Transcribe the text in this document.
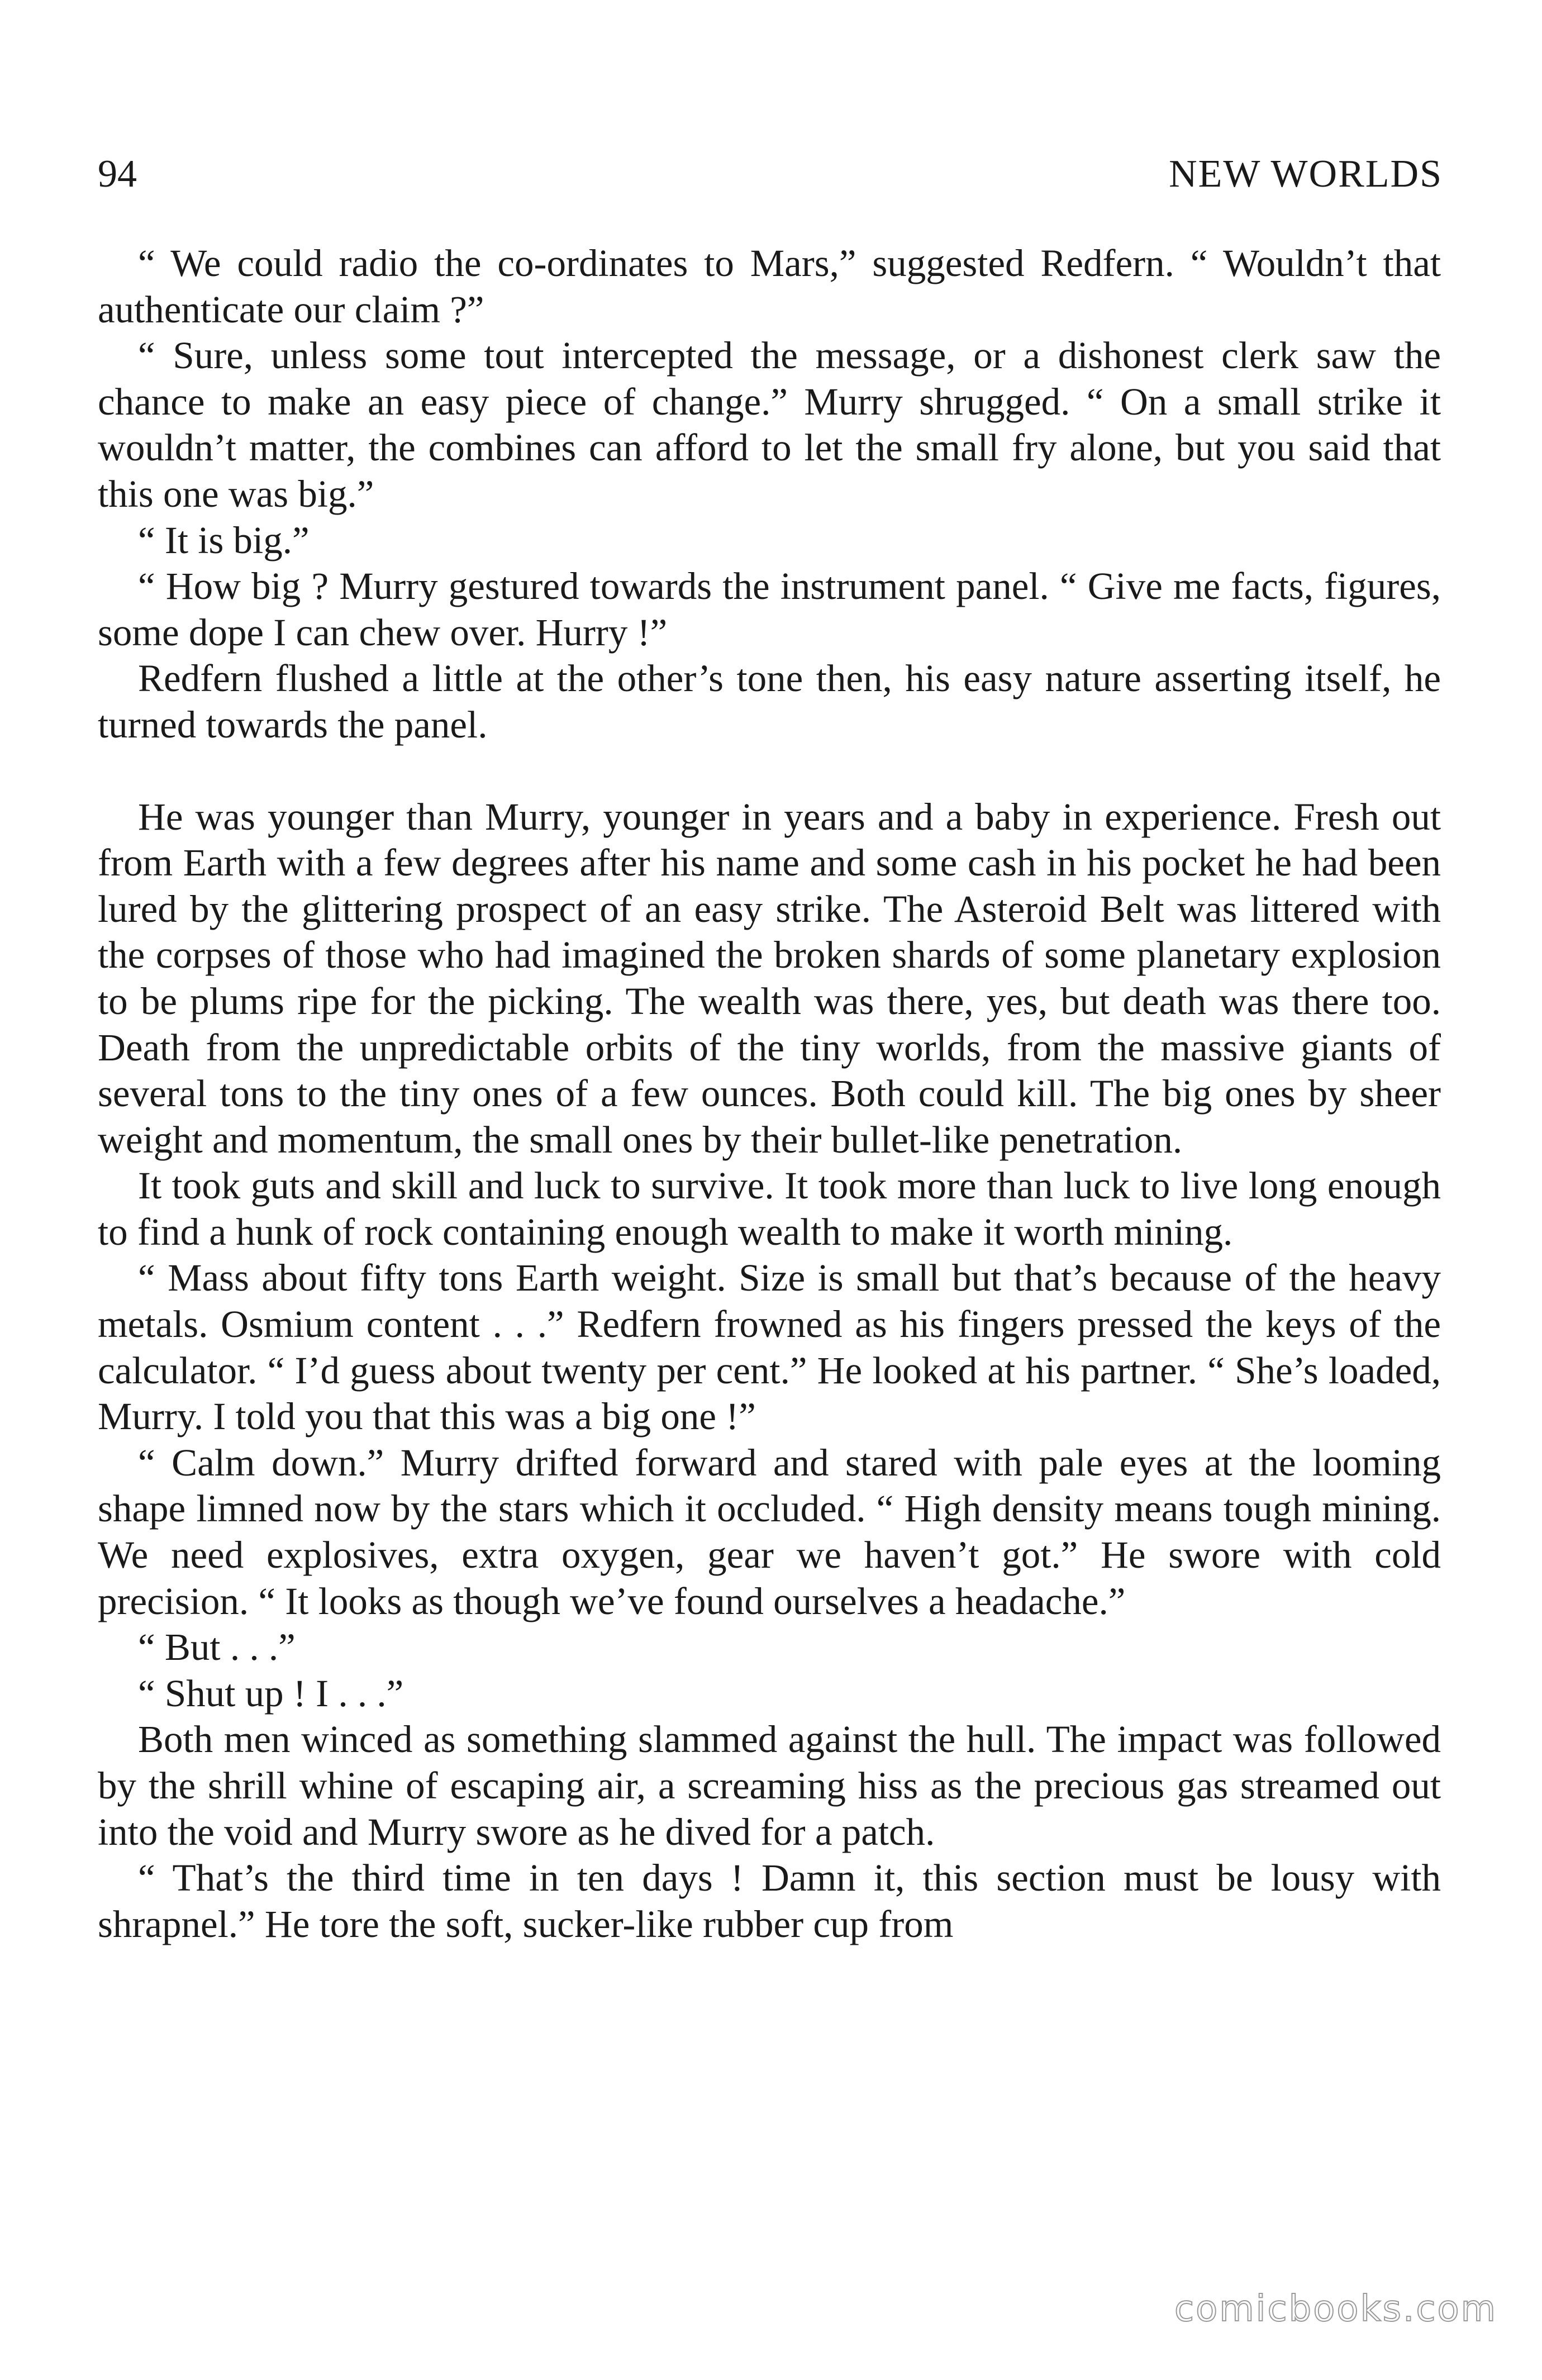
94	NEW WORLDS

“ We could radio the co-ordinates to Mars,” suggested Redfern. “ Wouldn’t that authenticate our claim ?”

“ Sure, unless some tout intercepted the message, or a dishonest clerk saw the chance to make an easy piece of change.” Murry shrugged. “ On a small strike it wouldn’t matter, the combines can afford to let the small fry alone, but you said that this one was big.”

“ It is big.”

“ How big ? Murry gestured towards the instrument panel. “ Give me facts, figures, some dope I can chew over. Hurry !”

Redfern flushed a little at the other’s tone then, his easy nature asserting itself, he turned towards the panel.

He was younger than Murry, younger in years and a baby in experience. Fresh out from Earth with a few degrees after his name and some cash in his pocket he had been lured by the glittering prospect of an easy strike. The Asteroid Belt was littered with the corpses of those who had imagined the broken shards of some planetary explosion to be plums ripe for the picking. The wealth was there, yes, but death was there too. Death from the unpredictable orbits of the tiny worlds, from the massive giants of several tons to the tiny ones of a few ounces. Both could kill. The big ones by sheer weight and momentum, the small ones by their bullet-like penetration.

It took guts and skill and luck to survive. It took more than luck to live long enough to find a hunk of rock containing enough wealth to make it worth mining.

“ Mass about fifty tons Earth weight. Size is small but that’s because of the heavy metals. Osmium content . . .” Redfern frowned as his fingers pressed the keys of the calculator. “ I’d guess about twenty per cent.” He looked at his partner. “ She’s loaded, Murry. I told you that this was a big one !”

“ Calm down.” Murry drifted forward and stared with pale eyes at the looming shape limned now by the stars which it occluded. “ High density means tough mining. We need explosives, extra oxygen, gear we haven’t got.” He swore with cold precision. “ It looks as though we’ve found ourselves a headache.”

“ But . . .”

“ Shut up ! I . . .”

Both men winced as something slammed against the hull. The impact was followed by the shrill whine of escaping air, a screaming hiss as the precious gas streamed out into the void and Murry swore as he dived for a patch.

“ That’s the third time in ten days ! Damn it, this section must be lousy with shrapnel.” He tore the soft, sucker-like rubber cup from

comicbooks.com
